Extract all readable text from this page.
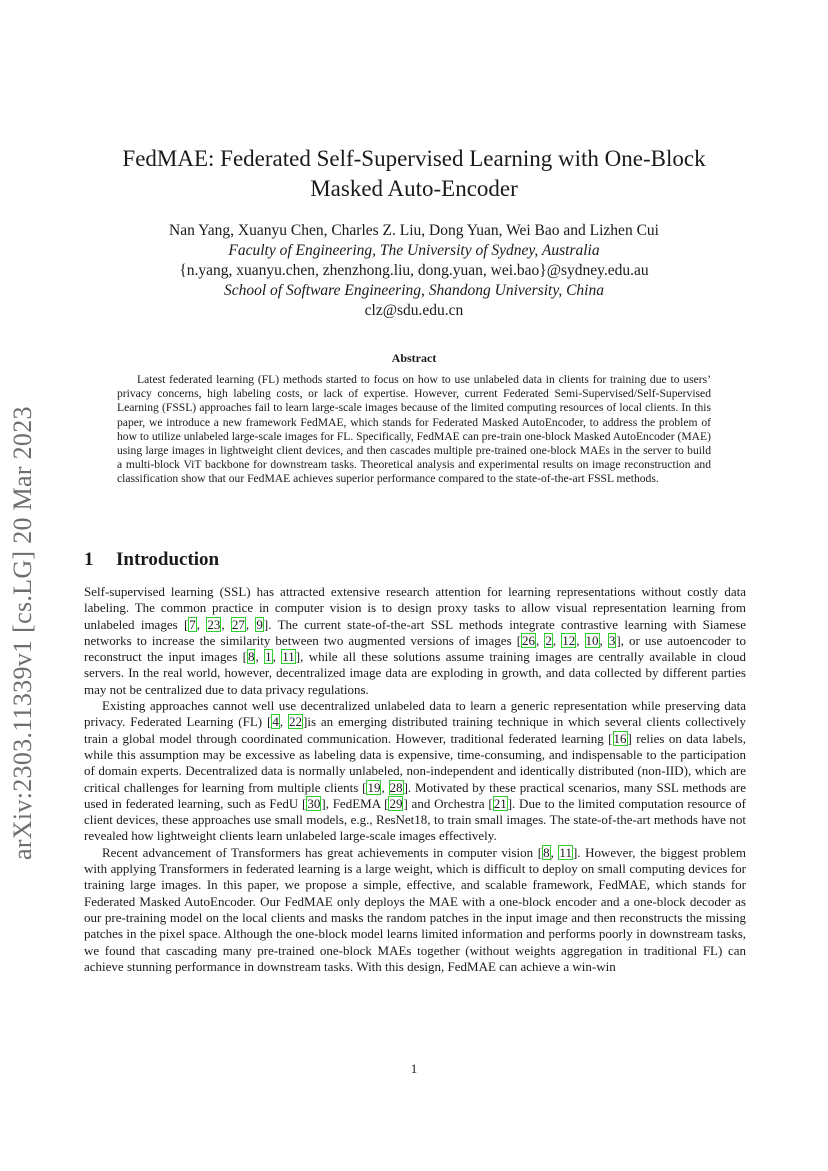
arXiv:2303.11339v1 [cs.LG] 20 Mar 2023
FedMAE: Federated Self-Supervised Learning with One-Block Masked Auto-Encoder
Nan Yang, Xuanyu Chen, Charles Z. Liu, Dong Yuan, Wei Bao and Lizhen Cui
Faculty of Engineering, The University of Sydney, Australia
{n.yang, xuanyu.chen, zhenzhong.liu, dong.yuan, wei.bao}@sydney.edu.au
School of Software Engineering, Shandong University, China
clz@sdu.edu.cn
Abstract

Latest federated learning (FL) methods started to focus on how to use unlabeled data in clients for training due to users’ privacy concerns, high labeling costs, or lack of expertise. However, current Federated Semi-Supervised/Self-Supervised Learning (FSSL) approaches fail to learn large-scale images because of the limited computing resources of local clients. In this paper, we introduce a new framework FedMAE, which stands for Federated Masked AutoEncoder, to address the problem of how to utilize unlabeled large-scale images for FL. Specifically, FedMAE can pre-train one-block Masked AutoEncoder (MAE) using large images in lightweight client devices, and then cascades multiple pre-trained one-block MAEs in the server to build a multi-block ViT backbone for downstream tasks. Theoretical analysis and experimental results on image reconstruction and classification show that our FedMAE achieves superior performance compared to the state-of-the-art FSSL methods.

1 Introduction

Self-supervised learning (SSL) has attracted extensive research attention for learning representations without costly data labeling. The common practice in computer vision is to design proxy tasks to allow visual representation learning from unlabeled images [7, 23, 27, 9]. The current state-of-the-art SSL methods integrate contrastive learning with Siamese networks to increase the similarity between two augmented versions of images [26, 2, 12, 10, 3], or use autoencoder to reconstruct the input images [8, 1, 11], while all these solutions assume training images are centrally available in cloud servers. In the real world, however, decentralized image data are exploding in growth, and data collected by different parties may not be centralized due to data privacy regulations.

Existing approaches cannot well use decentralized unlabeled data to learn a generic representation while preserving data privacy. Federated Learning (FL) [4, 22]is an emerging distributed training technique in which several clients collectively train a global model through coordinated communication. However, traditional federated learning [16] relies on data labels, while this assumption may be excessive as labeling data is expensive, time-consuming, and indispensable to the participation of domain experts. Decentralized data is normally unlabeled, non-independent and identically distributed (non-IID), which are critical challenges for learning from multiple clients [19, 28]. Motivated by these practical scenarios, many SSL methods are used in federated learning, such as FedU [30], FedEMA [29] and Orchestra [21]. Due to the limited computation resource of client devices, these approaches use small models, e.g., ResNet18, to train small images. The state-of-the-art methods have not revealed how lightweight clients learn unlabeled large-scale images effectively.

Recent advancement of Transformers has great achievements in computer vision [8, 11]. However, the biggest problem with applying Transformers in federated learning is a large weight, which is difficult to deploy on small computing devices for training large images. In this paper, we propose a simple, effective, and scalable framework, FedMAE, which stands for Federated Masked AutoEncoder. Our FedMAE only deploys the MAE with a one-block encoder and a one-block decoder as our pre-training model on the local clients and masks the random patches in the input image and then reconstructs the missing patches in the pixel space. Although the one-block model learns limited information and performs poorly in downstream tasks, we found that cascading many pre-trained one-block MAEs together (without weights aggregation in traditional FL) can achieve stunning performance in downstream tasks. With this design, FedMAE can achieve a win-win

1
